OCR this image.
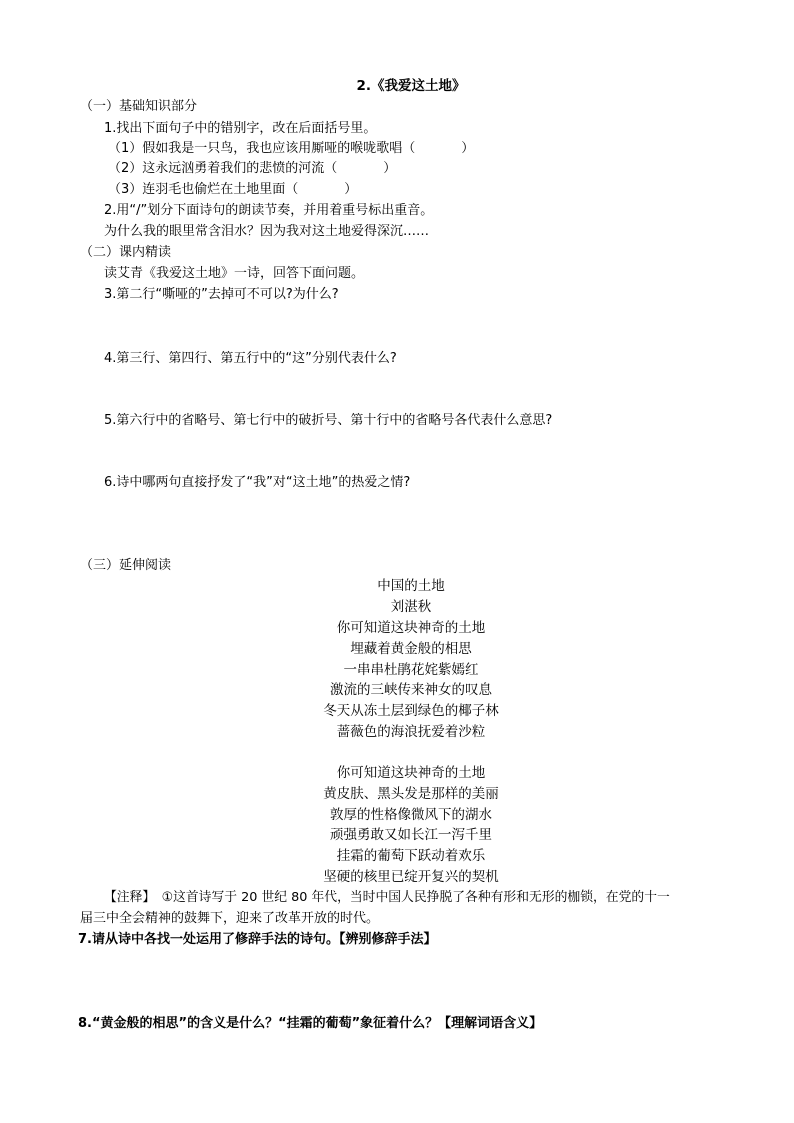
2.《我爱这土地》
（一）基础知识部分
1.找出下面句子中的错别字，改在后面括号里。
（1）假如我是一只鸟，我也应该用厮哑的喉咙歌唱（	）
（2）这永远汹勇着我们的悲愤的河流（	）
（3）连羽毛也偷烂在土地里面（	）
2.用“/”划分下面诗句的朗读节奏，并用着重号标出重音。
为什么我的眼里常含泪水？因为我对这土地爱得深沉……
（二）课内精读
读艾青《我爱这土地》一诗，回答下面问题。
3.第二行“嘶哑的”去掉可不可以?为什么?
4.第三行、第四行、第五行中的“这”分别代表什么?
5.第六行中的省略号、第七行中的破折号、第十行中的省略号各代表什么意思?
6.诗中哪两句直接抒发了“我”对“这土地”的热爱之情?
（三）延伸阅读
中国的土地
刘湛秋
你可知道这块神奇的土地
埋藏着黄金般的相思
一串串杜鹃花姹紫嫣红
激流的三峡传来神女的叹息
冬天从冻土层到绿色的椰子林
蔷薇色的海浪抚爱着沙粒
你可知道这块神奇的土地
黄皮肤、黑头发是那样的美丽
敦厚的性格像微风下的湖水
顽强勇敢又如长江一泻千里
挂霜的葡萄下跃动着欢乐
坚硬的核里已绽开复兴的契机
【注释】　①这首诗写于 20 世纪 80 年代，当时中国人民挣脱了各种有形和无形的枷锁，在党的十一
届三中全会精神的鼓舞下，迎来了改革开放的时代。
7.请从诗中各找一处运用了修辞手法的诗句。【辨别修辞手法】
8.“黄金般的相思”的含义是什么？“挂霜的葡萄”象征着什么？【理解词语含义】
